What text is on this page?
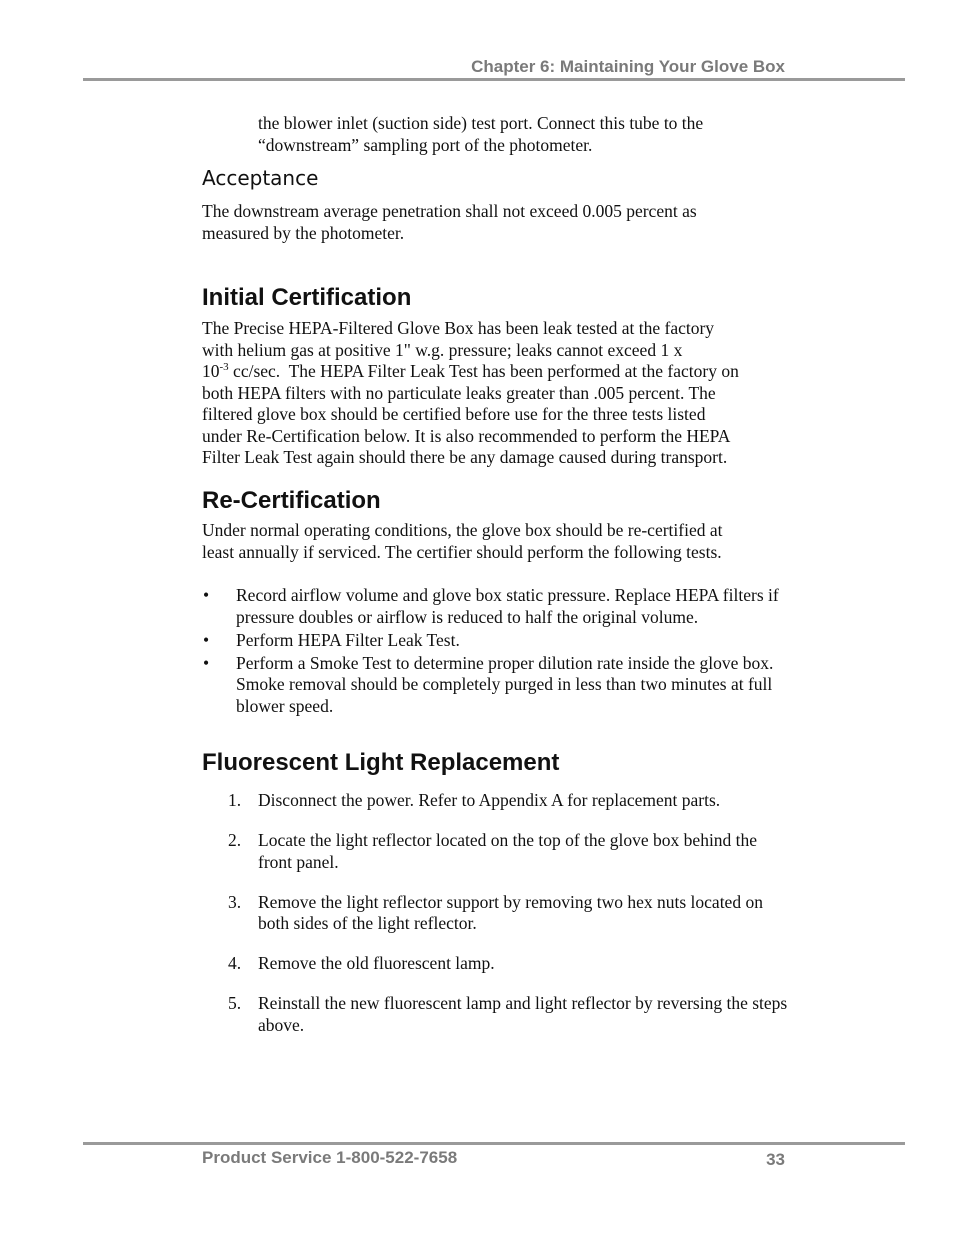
Chapter 6: Maintaining Your Glove Box
the blower inlet (suction side) test port. Connect this tube to the
“downstream” sampling port of the photometer.
Acceptance
The downstream average penetration shall not exceed 0.005 percent as
measured by the photometer.
Initial Certification
The Precise HEPA-Filtered Glove Box has been leak tested at the factory
with helium gas at positive 1" w.g. pressure; leaks cannot exceed 1 x
$10^{-3}$ cc/sec.  The HEPA Filter Leak Test has been performed at the factory on
both HEPA filters with no particulate leaks greater than .005 percent. The
filtered glove box should be certified before use for the three tests listed
under Re-Certification below. It is also recommended to perform the HEPA
Filter Leak Test again should there be any damage caused during transport.
Re-Certification
Under normal operating conditions, the glove box should be re-certified at
least annually if serviced. The certifier should perform the following tests.
• Record airflow volume and glove box static pressure. Replace HEPA filters if pressure doubles or airflow is reduced to half the original volume.
• Perform HEPA Filter Leak Test.
• Perform a Smoke Test to determine proper dilution rate inside the glove box. Smoke removal should be completely purged in less than two minutes at full blower speed.
Fluorescent Light Replacement
1. Disconnect the power. Refer to Appendix A for replacement parts.
2. Locate the light reflector located on the top of the glove box behind the front panel.
3. Remove the light reflector support by removing two hex nuts located on both sides of the light reflector.
4. Remove the old fluorescent lamp.
5. Reinstall the new fluorescent lamp and light reflector by reversing the steps above.
Product Service 1-800-522-7658	33
